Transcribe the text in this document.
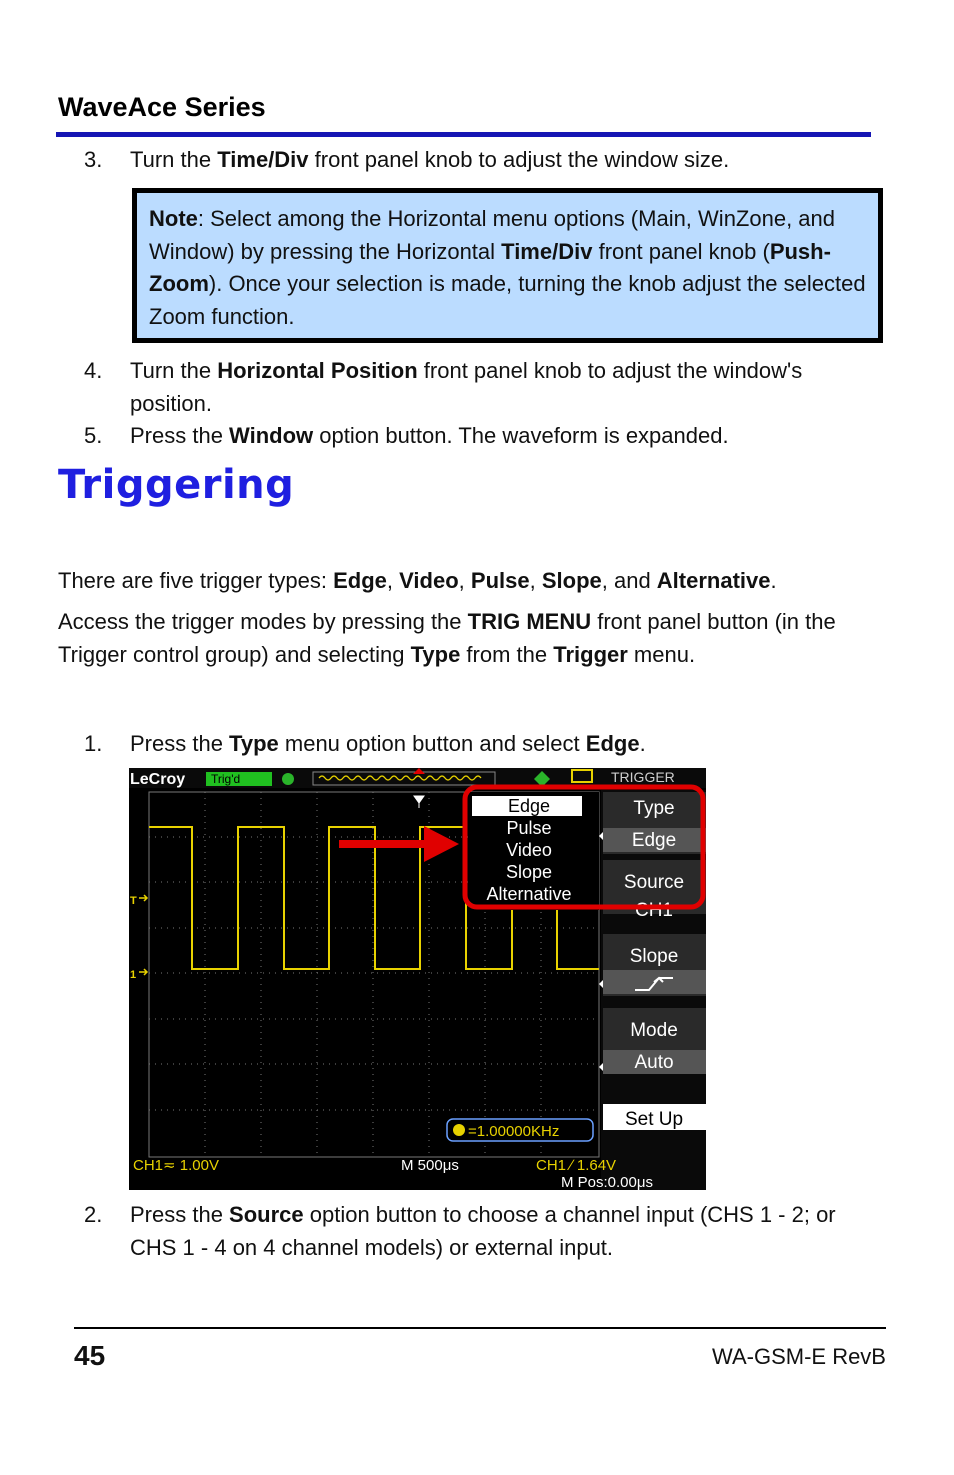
WaveAce Series
3.	Turn the Time/Div front panel knob to adjust the window size.
Note: Select among the Horizontal menu options (Main, WinZone, and Window) by pressing the Horizontal Time/Div front panel knob (Push-Zoom). Once your selection is made, turning the knob adjust the selected Zoom function.
4.	Turn the Horizontal Position front panel knob to adjust the window's position.
5.	Press the Window option button. The waveform is expanded.
Triggering
There are five trigger types: Edge, Video, Pulse, Slope, and Alternative.
Access the trigger modes by pressing the TRIG MENU front panel button (in the Trigger control group) and selecting Type from the Trigger menu.
1.	Press the Type menu option button and select Edge.
LeCroy Trig'd	TRIGGER
T
1
Edge
Pulse
Video
Slope
Alternative
Type
Edge
Source
CH1
Slope
Mode
Auto
Set Up
=1.00000KHz
CH1≂ 1.00V	M 500μs	CH1 ∕ 1.64V
M Pos:0.00μs
2.	Press the Source option button to choose a channel input (CHS 1 - 2; or CHS 1 - 4 on 4 channel models) or external input.
45	WA-GSM-E RevB
